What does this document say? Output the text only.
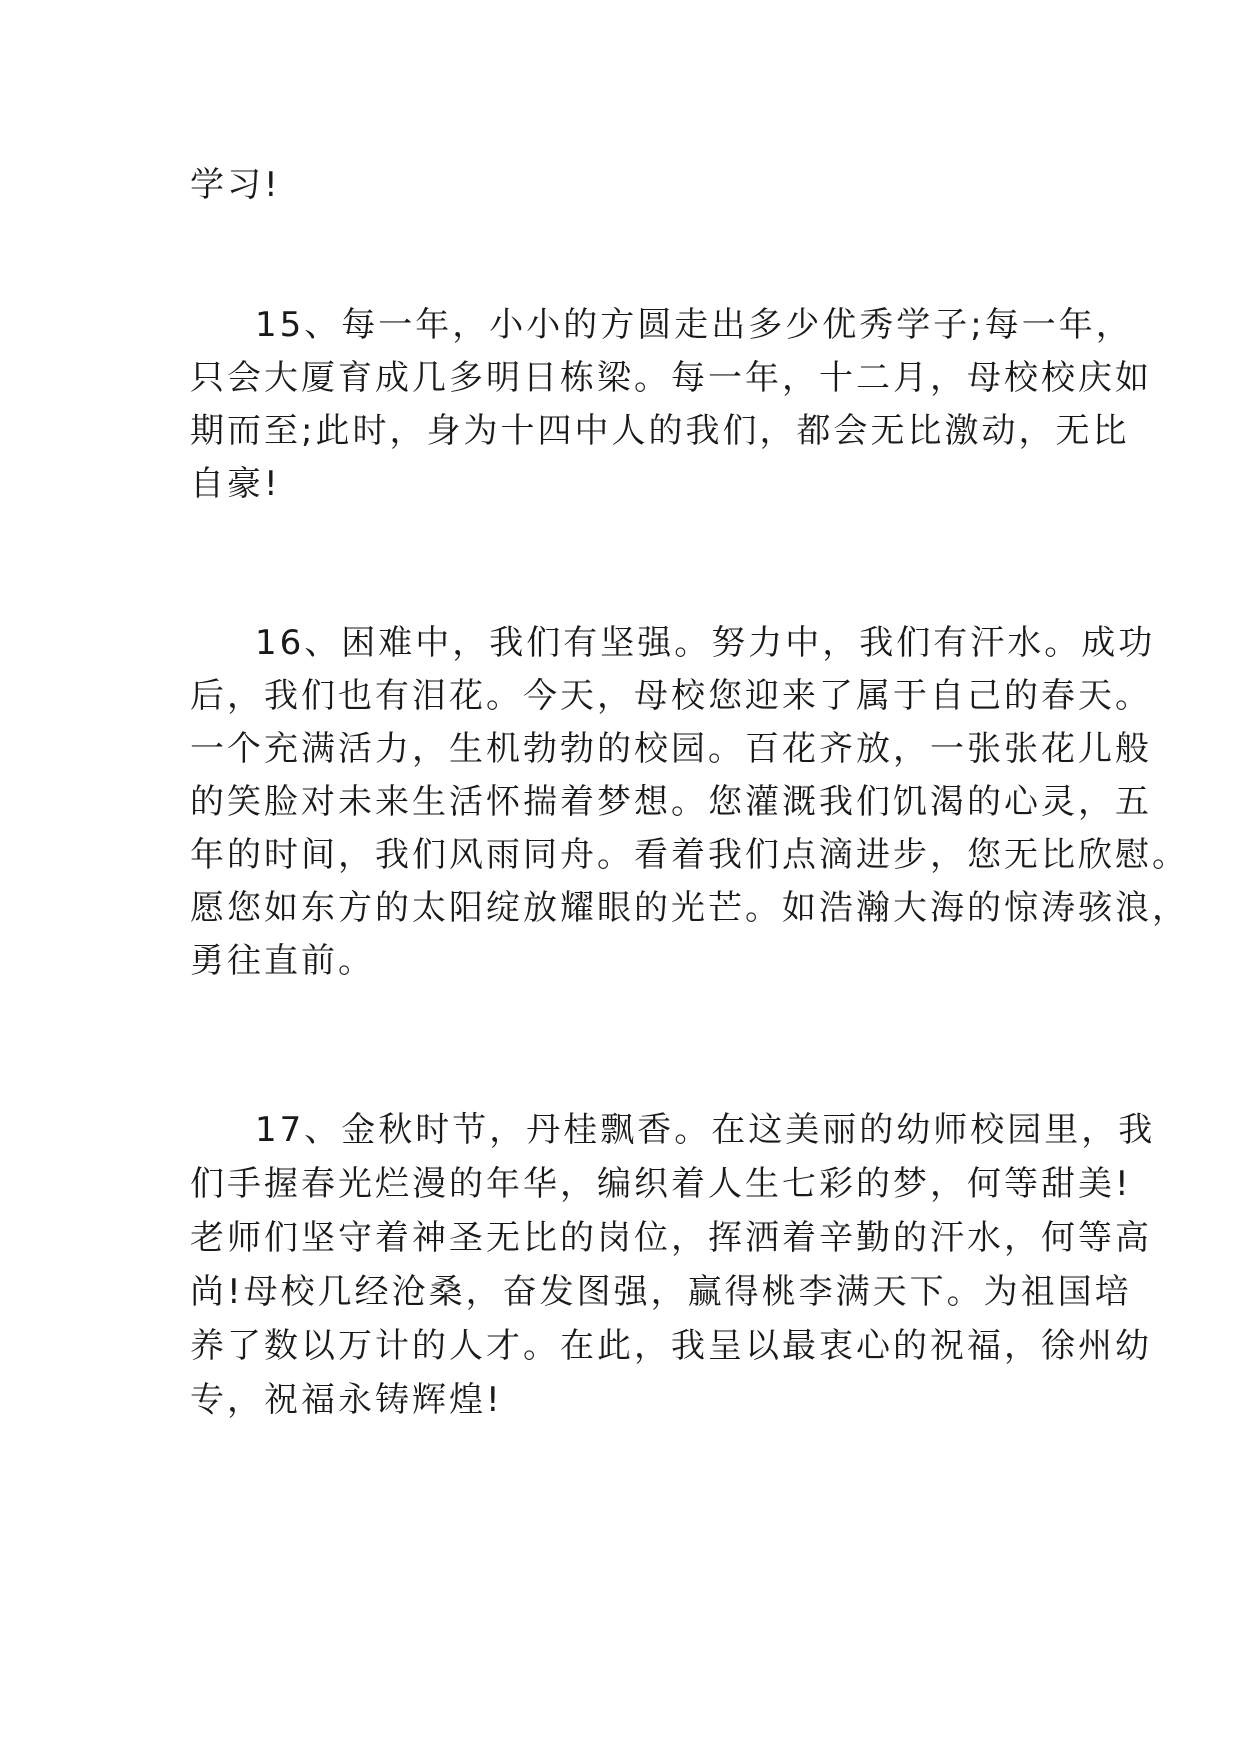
学习!
15、每一年，小小的方圆走出多少优秀学子;每一年，
只会大厦育成几多明日栋梁。每一年，十二月，母校校庆如
期而至;此时，身为十四中人的我们，都会无比激动，无比
自豪!
16、困难中，我们有坚强。努力中，我们有汗水。成功
后，我们也有泪花。今天，母校您迎来了属于自己的春天。
一个充满活力，生机勃勃的校园。百花齐放，一张张花儿般
的笑脸对未来生活怀揣着梦想。您灌溉我们饥渴的心灵，五
年的时间，我们风雨同舟。看着我们点滴进步，您无比欣慰。
愿您如东方的太阳绽放耀眼的光芒。如浩瀚大海的惊涛骇浪，
勇往直前。
17、金秋时节，丹桂飘香。在这美丽的幼师校园里，我
们手握春光烂漫的年华，编织着人生七彩的梦，何等甜美!
老师们坚守着神圣无比的岗位，挥洒着辛勤的汗水，何等高
尚!母校几经沧桑，奋发图强，赢得桃李满天下。为祖国培
养了数以万计的人才。在此，我呈以最衷心的祝福，徐州幼
专，祝福永铸辉煌!
